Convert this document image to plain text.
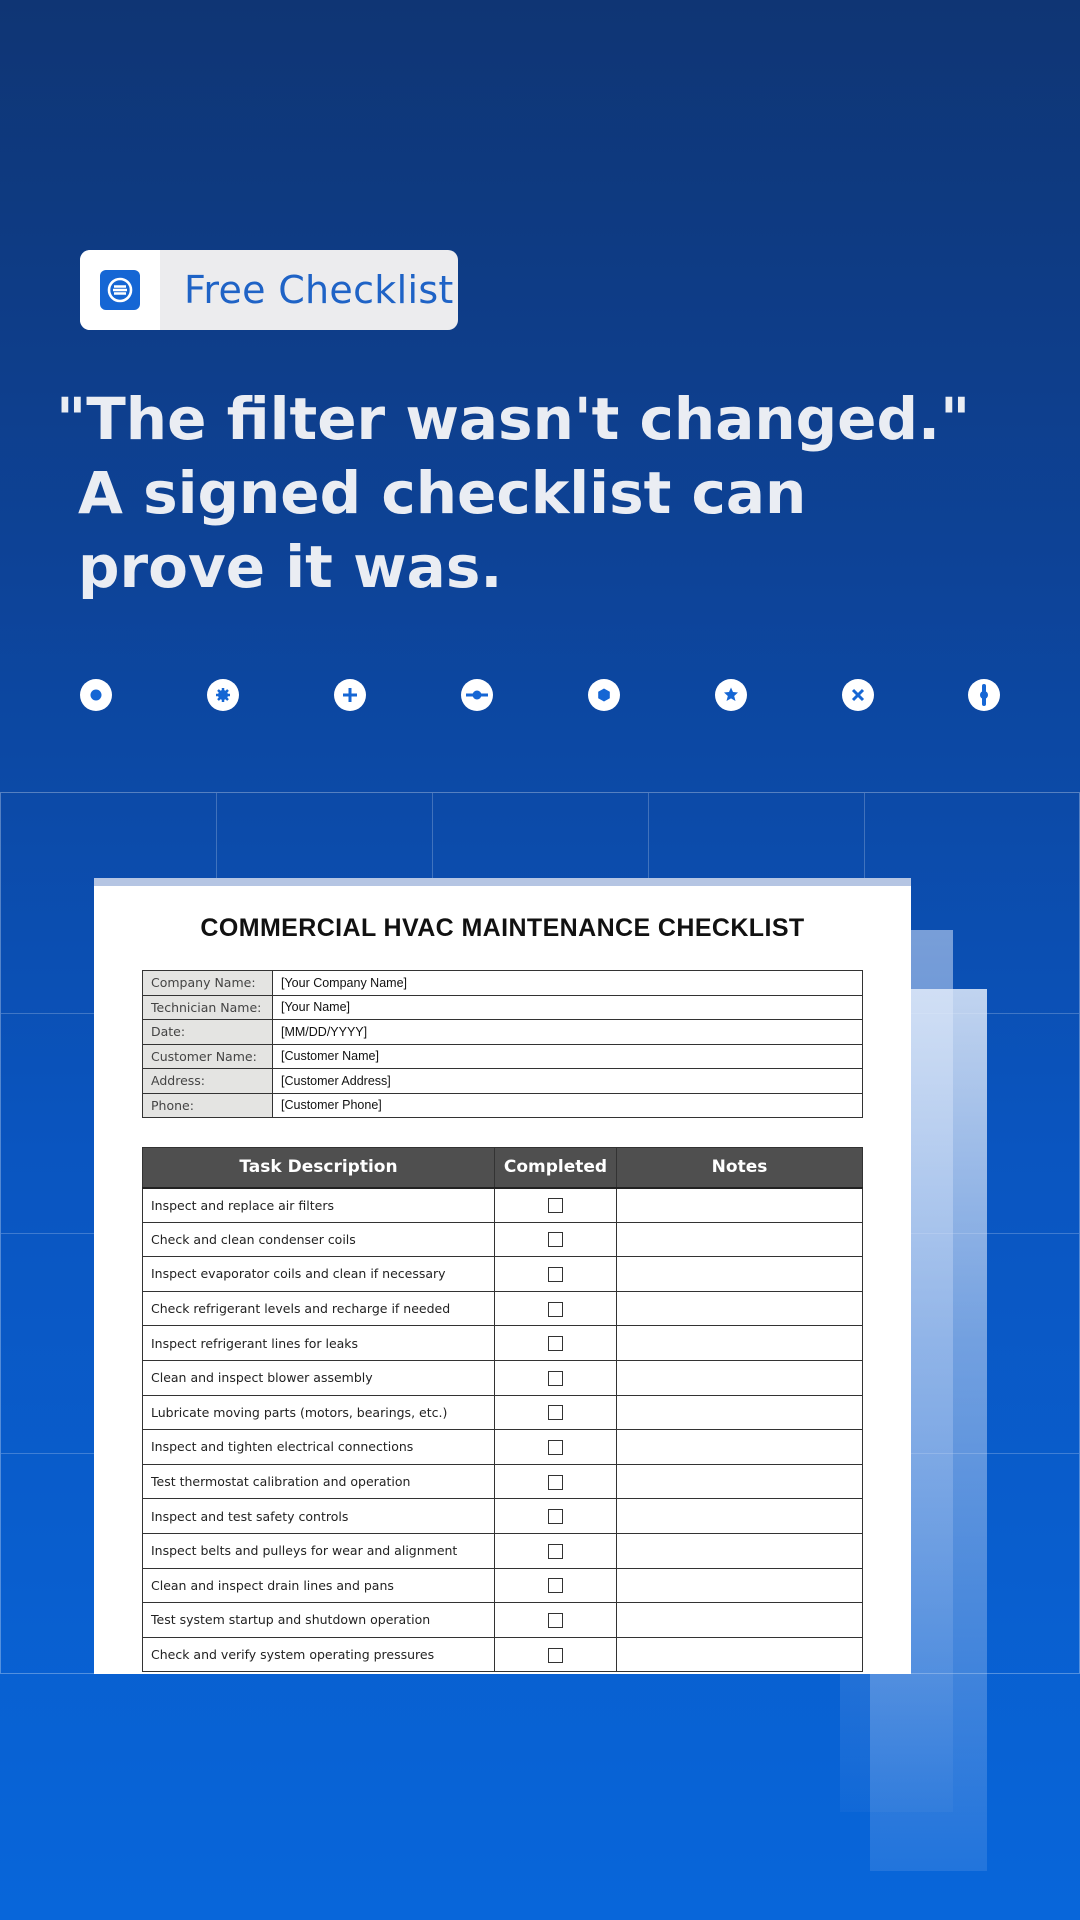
Free Checklist
"The filter wasn't changed."
A signed checklist can
prove it was.
COMMERCIAL HVAC MAINTENANCE CHECKLIST
Company Name:	[Your Company Name]
Technician Name:	[Your Name]
Date:	[MM/DD/YYYY]
Customer Name:	[Customer Name]
Address:	[Customer Address]
Phone:	[Customer Phone]
Task Description	Completed	Notes
Inspect and replace air filters		
Check and clean condenser coils		
Inspect evaporator coils and clean if necessary		
Check refrigerant levels and recharge if needed		
Inspect refrigerant lines for leaks		
Clean and inspect blower assembly		
Lubricate moving parts (motors, bearings, etc.)		
Inspect and tighten electrical connections		
Test thermostat calibration and operation		
Inspect and test safety controls		
Inspect belts and pulleys for wear and alignment		
Clean and inspect drain lines and pans		
Test system startup and shutdown operation		
Check and verify system operating pressures		
